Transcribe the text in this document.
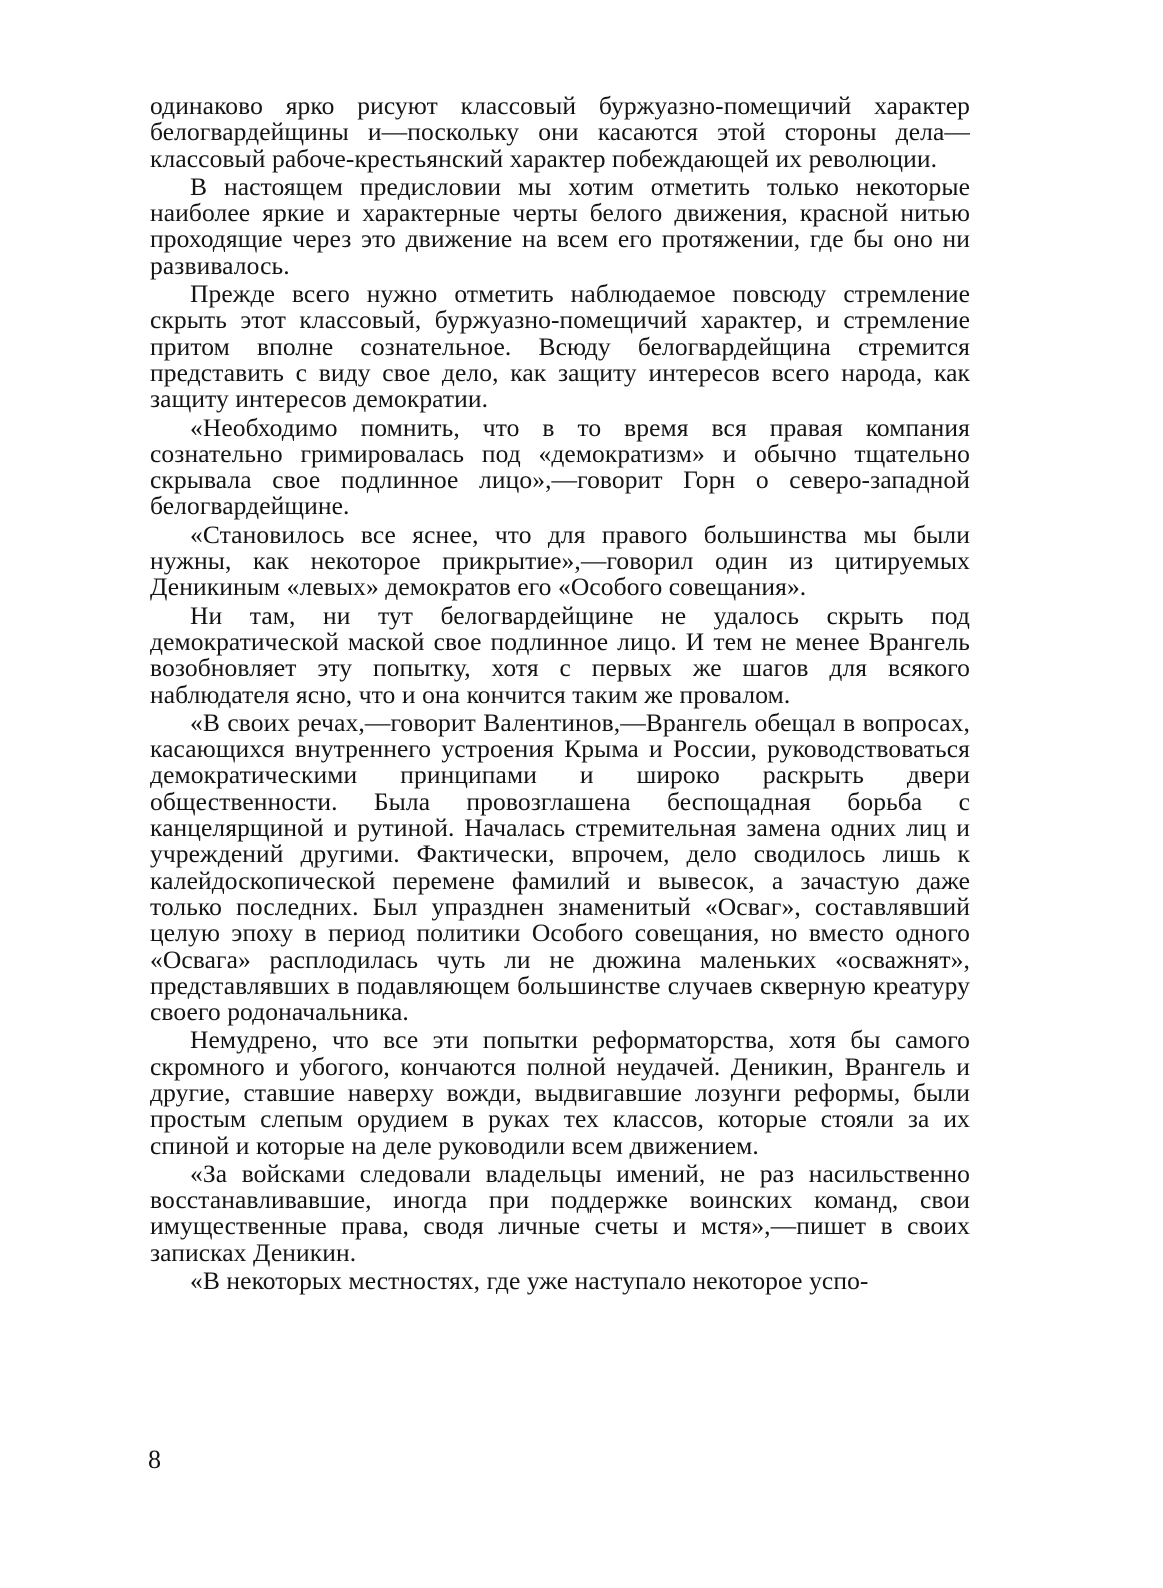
одинаково ярко рисуют классовый буржуазно-помещичий характер белогвардейщины и—поскольку они касаются этой стороны дела—классовый рабоче-крестьянский характер побеждающей их революции.

В настоящем предисловии мы хотим отметить только некоторые наиболее яркие и характерные черты белого движения, красной нитью проходящие через это движение на всем его протяжении, где бы оно ни развивалось.

Прежде всего нужно отметить наблюдаемое повсюду стремление скрыть этот классовый, буржуазно-помещичий характер, и стремление притом вполне сознательное. Всюду белогвардейщина стремится представить с виду свое дело, как защиту интересов всего народа, как защиту интересов демократии.

«Необходимо помнить, что в то время вся правая компания сознательно гримировалась под «демократизм» и обычно тщательно скрывала свое подлинное лицо»,—говорит Горн о северо-западной белогвардейщине.

«Становилось все яснее, что для правого большинства мы были нужны, как некоторое прикрытие»,—говорил один из цитируемых Деникиным «левых» демократов его «Особого совещания».

Ни там, ни тут белогвардейщине не удалось скрыть под демократической маской свое подлинное лицо. И тем не менее Врангель возобновляет эту попытку, хотя с первых же шагов для всякого наблюдателя ясно, что и она кончится таким же провалом.

«В своих речах,—говорит Валентинов,—Врангель обещал в вопросах, касающихся внутреннего устроения Крыма и России, руководствоваться демократическими принципами и широко раскрыть двери общественности. Была провозглашена беспощадная борьба с канцелярщиной и рутиной. Началась стремительная замена одних лиц и учреждений другими. Фактически, впрочем, дело сводилось лишь к калейдоскопической перемене фамилий и вывесок, а зачастую даже только последних. Был упразднен знаменитый «Осваг», составлявший целую эпоху в период политики Особого совещания, но вместо одного «Освага» расплодилась чуть ли не дюжина маленьких «осважнят», представлявших в подавляющем большинстве случаев скверную креатуру своего родоначальника.

Немудрено, что все эти попытки реформаторства, хотя бы самого скромного и убогого, кончаются полной неудачей. Деникин, Врангель и другие, ставшие наверху вожди, выдвигавшие лозунги реформы, были простым слепым орудием в руках тех классов, которые стояли за их спиной и которые на деле руководили всем движением.

«За войсками следовали владельцы имений, не раз насильственно восстанавливавшие, иногда при поддержке воинских команд, свои имущественные права, сводя личные счеты и мстя»,—пишет в своих записках Деникин.

«В некоторых местностях, где уже наступало некоторое успо-

8
